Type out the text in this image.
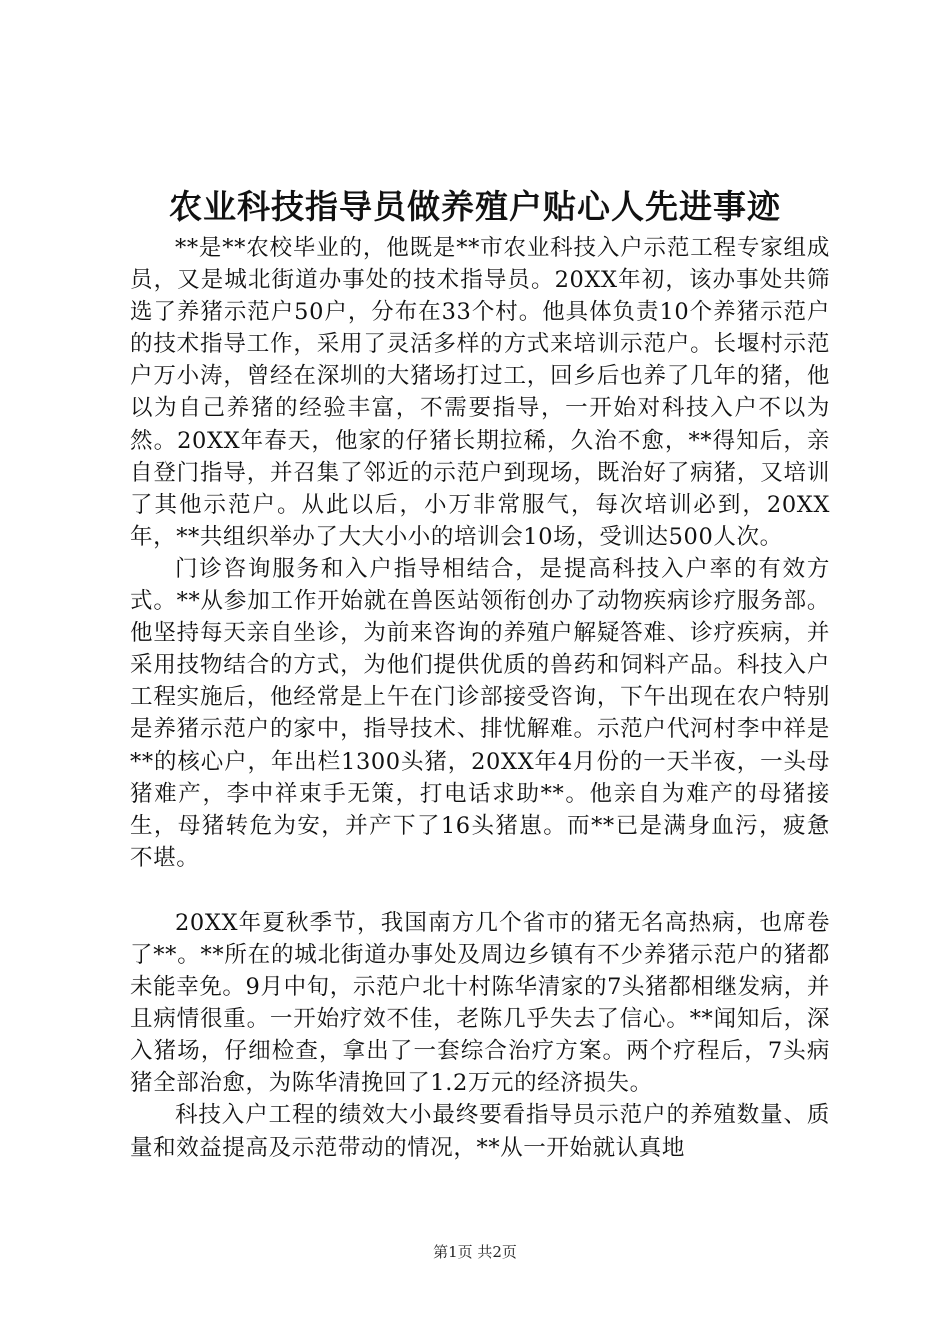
农业科技指导员做养殖户贴心人先进事迹

**是**农校毕业的，他既是**市农业科技入户示范工程专家组成员，又是城北街道办事处的技术指导员。20XX年初，该办事处共筛选了养猪示范户50户，分布在33个村。他具体负责10个养猪示范户的技术指导工作，采用了灵活多样的方式来培训示范户。长堰村示范户万小涛，曾经在深圳的大猪场打过工，回乡后也养了几年的猪，他以为自己养猪的经验丰富，不需要指导，一开始对科技入户不以为然。20XX年春天，他家的仔猪长期拉稀，久治不愈，**得知后，亲自登门指导，并召集了邻近的示范户到现场，既治好了病猪，又培训了其他示范户。从此以后，小万非常服气，每次培训必到，20XX年，**共组织举办了大大小小的培训会10场，受训达500人次。

门诊咨询服务和入户指导相结合，是提高科技入户率的有效方式。**从参加工作开始就在兽医站领衔创办了动物疾病诊疗服务部。他坚持每天亲自坐诊，为前来咨询的养殖户解疑答难、诊疗疾病，并采用技物结合的方式，为他们提供优质的兽药和饲料产品。科技入户工程实施后，他经常是上午在门诊部接受咨询，下午出现在农户特别是养猪示范户的家中，指导技术、排忧解难。示范户代河村李中祥是**的核心户，年出栏1300头猪，20XX年4月份的一天半夜，一头母猪难产，李中祥束手无策，打电话求助**。他亲自为难产的母猪接生，母猪转危为安，并产下了16头猪崽。而**已是满身血污，疲惫不堪。

20XX年夏秋季节，我国南方几个省市的猪无名高热病，也席卷了**。**所在的城北街道办事处及周边乡镇有不少养猪示范户的猪都未能幸免。9月中旬，示范户北十村陈华清家的7头猪都相继发病，并且病情很重。一开始疗效不佳，老陈几乎失去了信心。**闻知后，深入猪场，仔细检查，拿出了一套综合治疗方案。两个疗程后，7头病猪全部治愈，为陈华清挽回了1.2万元的经济损失。

科技入户工程的绩效大小最终要看指导员示范户的养殖数量、质量和效益提高及示范带动的情况，**从一开始就认真地

第1页 共2页
